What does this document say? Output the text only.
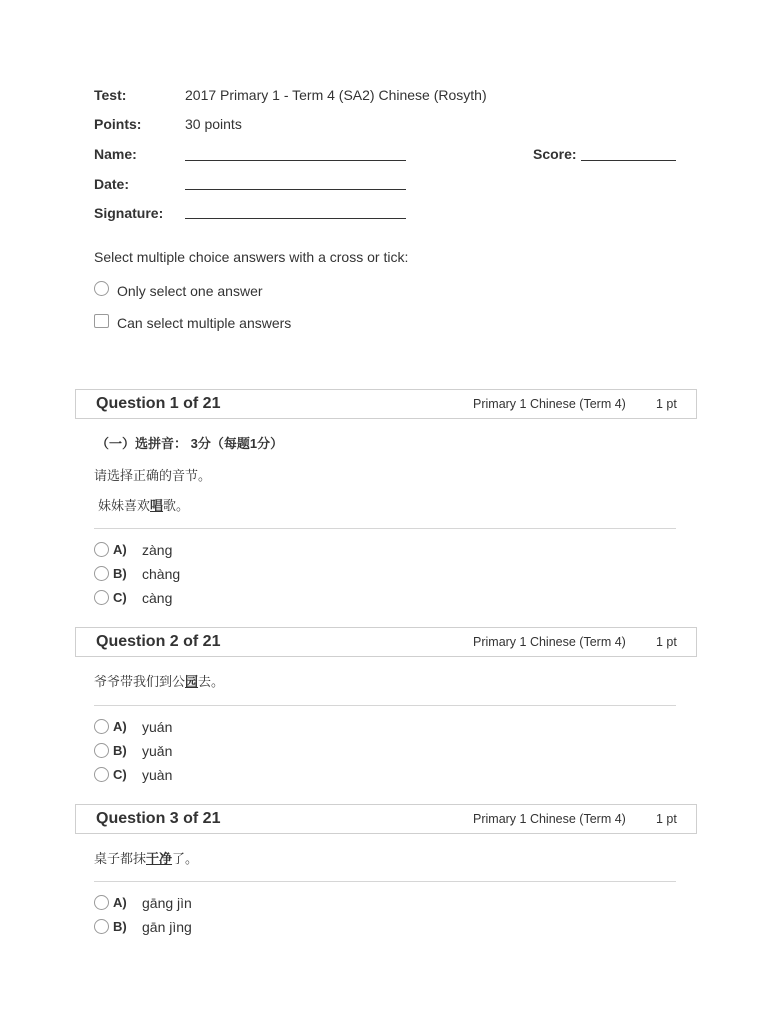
Test:	2017 Primary 1 - Term 4 (SA2) Chinese (Rosyth)
Points:	30 points
Name:	Score:
Date:
Signature:
Select multiple choice answers with a cross or tick:
Only select one answer
Can select multiple answers
Question 1 of 21	Primary 1 Chinese (Term 4) 1 pt
（一）选拼音： 3分（每题1分）
请选择正确的音节。
妹妹喜欢唱歌。
A) zàng
B) chàng
C) càng
Question 2 of 21	Primary 1 Chinese (Term 4) 1 pt
爷爷带我们到公园去。
A) yuán
B) yuǎn
C) yuàn
Question 3 of 21	Primary 1 Chinese (Term 4) 1 pt
桌子都抹干净了。
A) gāng jìn
B) gān jìng
